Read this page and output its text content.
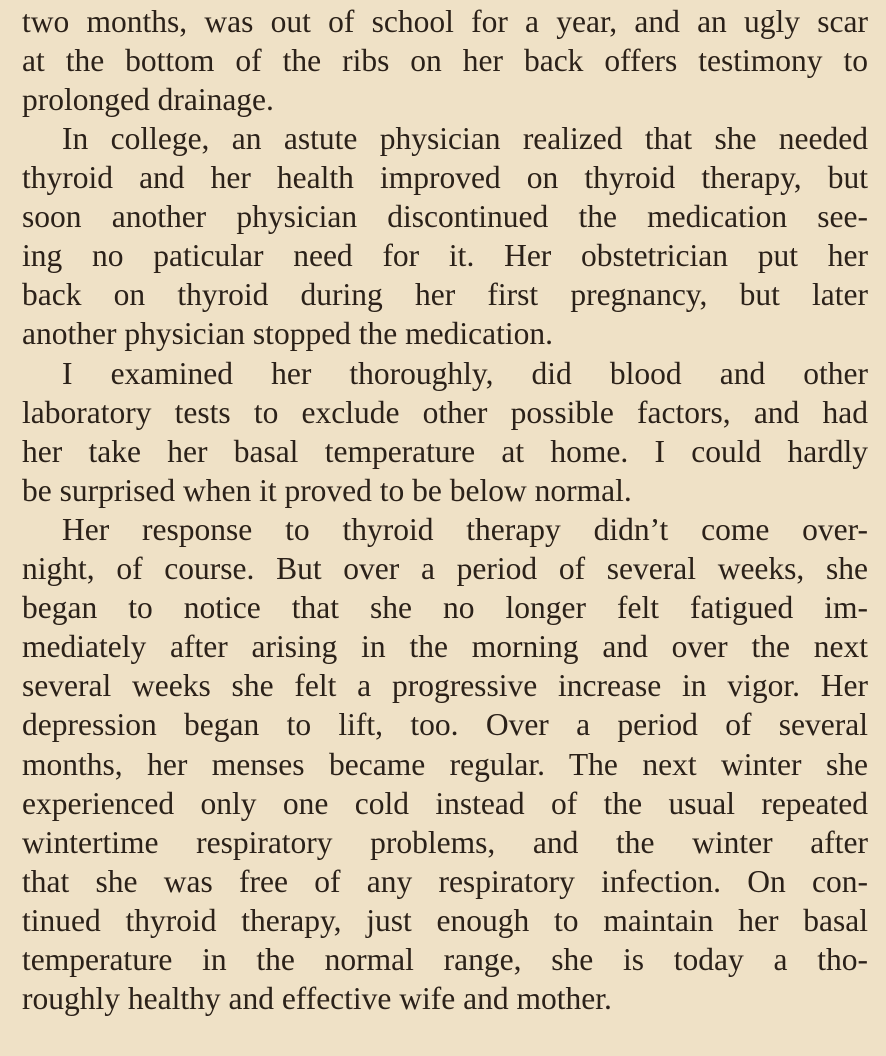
two months, was out of school for a year, and an ugly scar
at the bottom of the ribs on her back offers testimony to
prolonged drainage.
In college, an astute physician realized that she needed
thyroid and her health improved on thyroid therapy, but
soon another physician discontinued the medication see-
ing no paticular need for it. Her obstetrician put her
back on thyroid during her first pregnancy, but later
another physician stopped the medication.
I examined her thoroughly, did blood and other
laboratory tests to exclude other possible factors, and had
her take her basal temperature at home. I could hardly
be surprised when it proved to be below normal.
Her response to thyroid therapy didn’t come over-
night, of course. But over a period of several weeks, she
began to notice that she no longer felt fatigued im-
mediately after arising in the morning and over the next
several weeks she felt a progressive increase in vigor. Her
depression began to lift, too. Over a period of several
months, her menses became regular. The next winter she
experienced only one cold instead of the usual repeated
wintertime respiratory problems, and the winter after
that she was free of any respiratory infection. On con-
tinued thyroid therapy, just enough to maintain her basal
temperature in the normal range, she is today a tho-
roughly healthy and effective wife and mother.
